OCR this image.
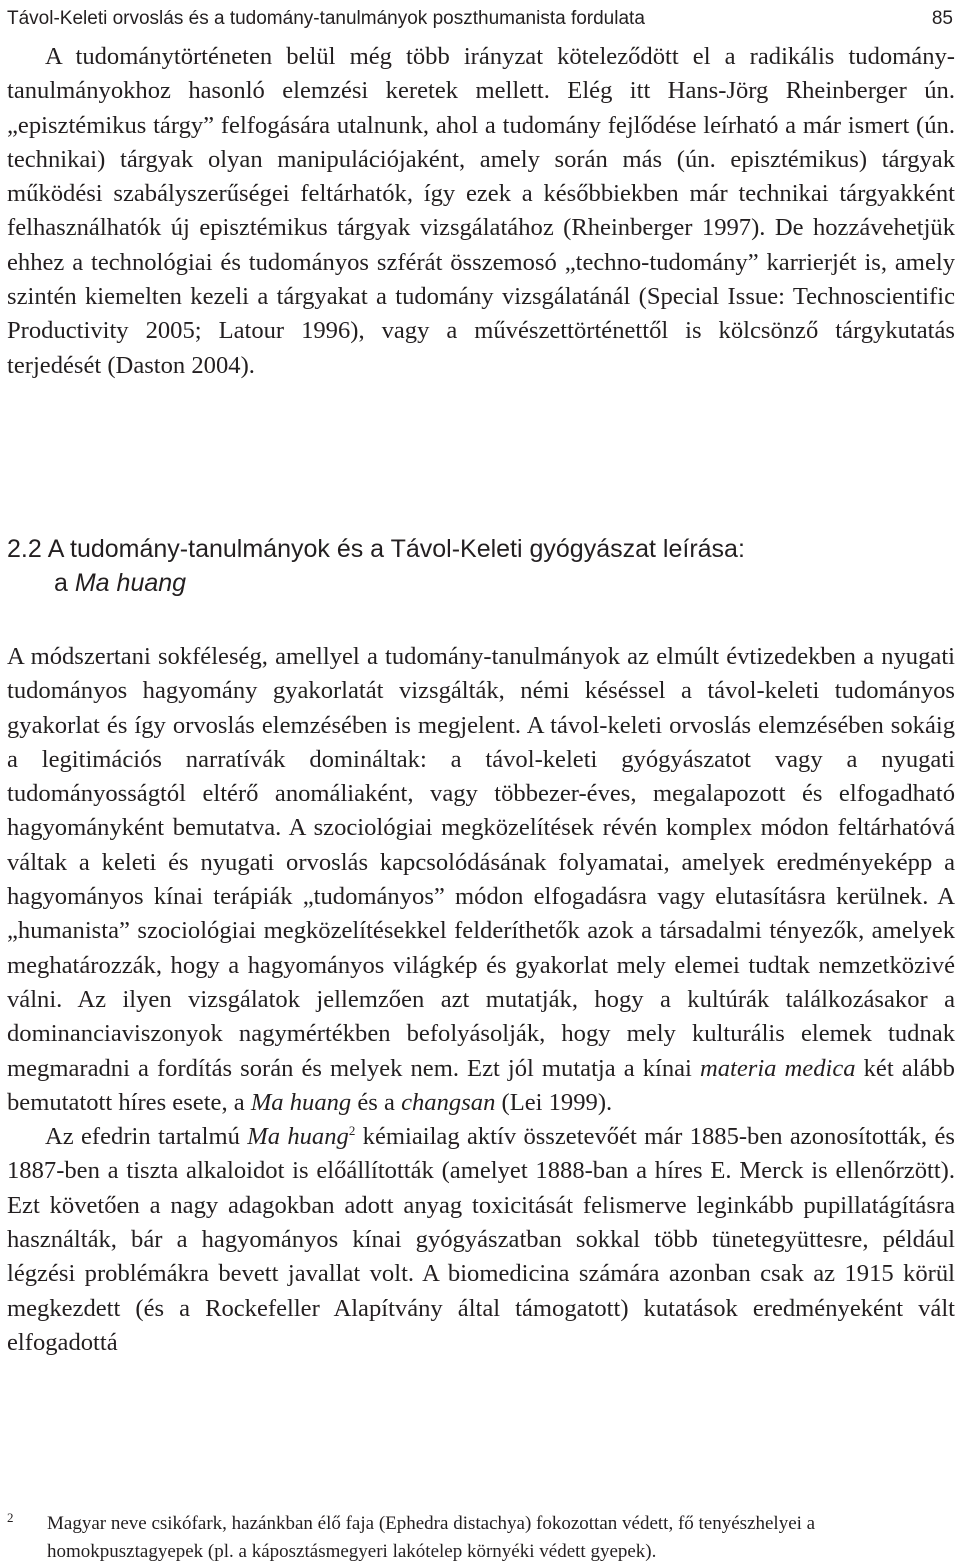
Távol-Keleti orvoslás és a tudomány-tanulmányok poszthumanista fordulata	85

A tudománytörténeten belül még több irányzat köteleződött el a radikális tudomány-tanulmányokhoz hasonló elemzési keretek mellett. Elég itt Hans-Jörg Rheinberger ún. „episztémikus tárgy” felfogására utalnunk, ahol a tudomány fejlődése leírható a már ismert (ún. technikai) tárgyak olyan manipulációjaként, amely során más (ún. episztémikus) tárgyak működési szabályszerűségei feltárhatók, így ezek a későbbiekben már technikai tárgyakként felhasználhatók új episztémikus tárgyak vizsgálatához (Rheinberger 1997). De hozzávehetjük ehhez a technológiai és tudományos szférát összemosó „techno-tudomány” karrierjét is, amely szintén kiemelten kezeli a tárgyakat a tudomány vizsgálatánál (Special Issue: Technoscientific Productivity 2005; Latour 1996), vagy a művészettörténettől is kölcsönző tárgykutatás terjedését (Daston 2004).

2.2 A tudomány-tanulmányok és a Távol-Keleti gyógyászat leírása:
a Ma huang

A módszertani sokféleség, amellyel a tudomány-tanulmányok az elmúlt évtizedekben a nyugati tudományos hagyomány gyakorlatát vizsgálták, némi késéssel a távol-keleti tudományos gyakorlat és így orvoslás elemzésében is megjelent. A távol-keleti orvoslás elemzésében sokáig a legitimációs narratívák domináltak: a távol-keleti gyógyászatot vagy a nyugati tudományosságtól eltérő anomáliaként, vagy többezer-éves, megalapozott és elfogadható hagyományként bemutatva. A szociológiai megközelítések révén komplex módon feltárhatóvá váltak a keleti és nyugati orvoslás kapcsolódásának folyamatai, amelyek eredményeképp a hagyományos kínai terápiák „tudományos” módon elfogadásra vagy elutasításra kerülnek. A „humanista” szociológiai megközelítésekkel felderíthetők azok a társadalmi tényezők, amelyek meghatározzák, hogy a hagyományos világkép és gyakorlat mely elemei tudtak nemzetközivé válni. Az ilyen vizsgálatok jellemzően azt mutatják, hogy a kultúrák találkozásakor a dominanciaviszonyok nagymértékben befolyásolják, hogy mely kulturális elemek tudnak megmaradni a fordítás során és melyek nem. Ezt jól mutatja a kínai materia medica két alább bemutatott híres esete, a Ma huang és a changsan (Lei 1999).

Az efedrin tartalmú Ma huang$^2$ kémiailag aktív összetevőét már 1885-ben azonosították, és 1887-ben a tiszta alkaloidot is előállították (amelyet 1888-ban a híres E. Merck is ellenőrzött). Ezt követően a nagy adagokban adott anyag toxicitását felismerve leginkább pupillatágításra használták, bár a hagyományos kínai gyógyászatban sokkal több tünetegyüttesre, például légzési problémákra bevett javallat volt. A biomedicina számára azonban csak az 1915 körül megkezdett (és a Rockefeller Alapítvány által támogatott) kutatások eredményeként vált elfogadottá

2 Magyar neve csikófark, hazánkban élő faja (Ephedra distachya) fokozottan védett, fő tenyészhelyei a homokpusztagyepek (pl. a káposztásmegyeri lakótelep környéki védett gyepek).
